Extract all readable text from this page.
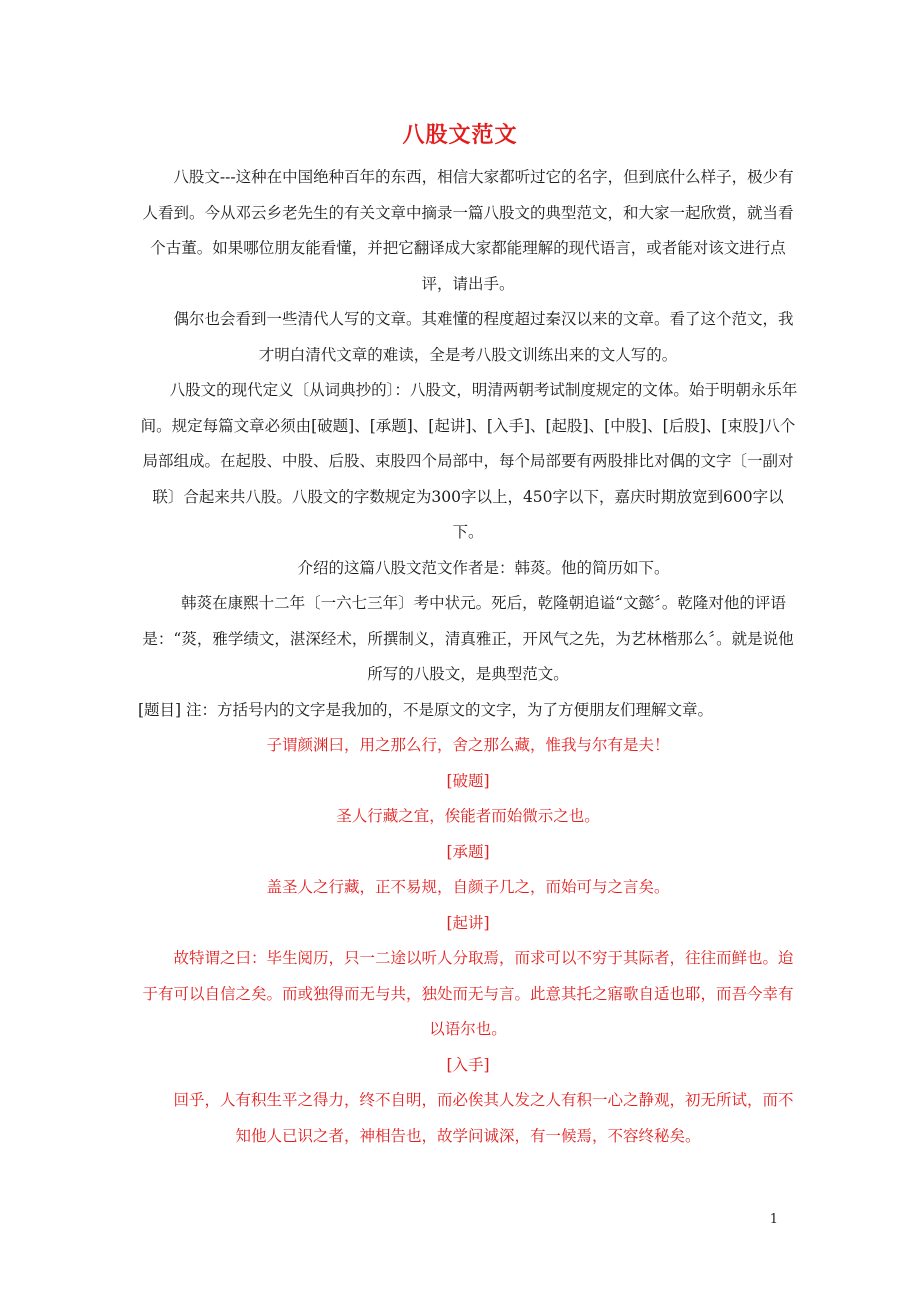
八股文范文

八股文---这种在中国绝种百年的东西，相信大家都听过它的名字，但到底什么样子，极少有人看到。今从邓云乡老先生的有关文章中摘录一篇八股文的典型范文，和大家一起欣赏，就当看个古董。如果哪位朋友能看懂，并把它翻译成大家都能理解的现代语言，或者能对该文进行点评，请出手。

偶尔也会看到一些清代人写的文章。其难懂的程度超过秦汉以来的文章。看了这个范文，我才明白清代文章的难读，全是考八股文训练出来的文人写的。

八股文的现代定义〔从词典抄的〕：八股文，明清两朝考试制度规定的文体。始于明朝永乐年间。规定每篇文章必须由[破题]、[承题]、[起讲]、[入手]、[起股]、[中股]、[后股]、[束股]八个局部组成。在起股、中股、后股、束股四个局部中，每个局部要有两股排比对偶的文字〔一副对联〕合起来共八股。八股文的字数规定为300字以上，450字以下，嘉庆时期放宽到600字以下。

介绍的这篇八股文范文作者是：韩菼。他的简历如下。

韩菼在康熙十二年〔一六七三年〕考中状元。死后，乾隆朝追谥“文懿〞。乾隆对他的评语是：“菼，雅学绩文，湛深经术，所撰制义，清真雅正，开风气之先，为艺林楷那么〞。就是说他所写的八股文，是典型范文。

[题目] 注：方括号内的文字是我加的，不是原文的文字，为了方便朋友们理解文章。

子谓颜渊曰，用之那么行，舍之那么藏，惟我与尔有是夫！

[破题]

圣人行藏之宜，俟能者而始微示之也。

[承题]

盖圣人之行藏，正不易规，自颜子几之，而始可与之言矣。

[起讲]

故特谓之曰：毕生阅历，只一二途以听人分取焉，而求可以不穷于其际者，往往而鲜也。迨于有可以自信之矣。而或独得而无与共，独处而无与言。此意其托之寤歌自适也耶，而吾今幸有以语尔也。

[入手]

回乎，人有积生平之得力，终不自明，而必俟其人发之人有积一心之静观，初无所试，而不知他人已识之者，神相告也，故学问诚深，有一候焉，不容终秘矣。

1
